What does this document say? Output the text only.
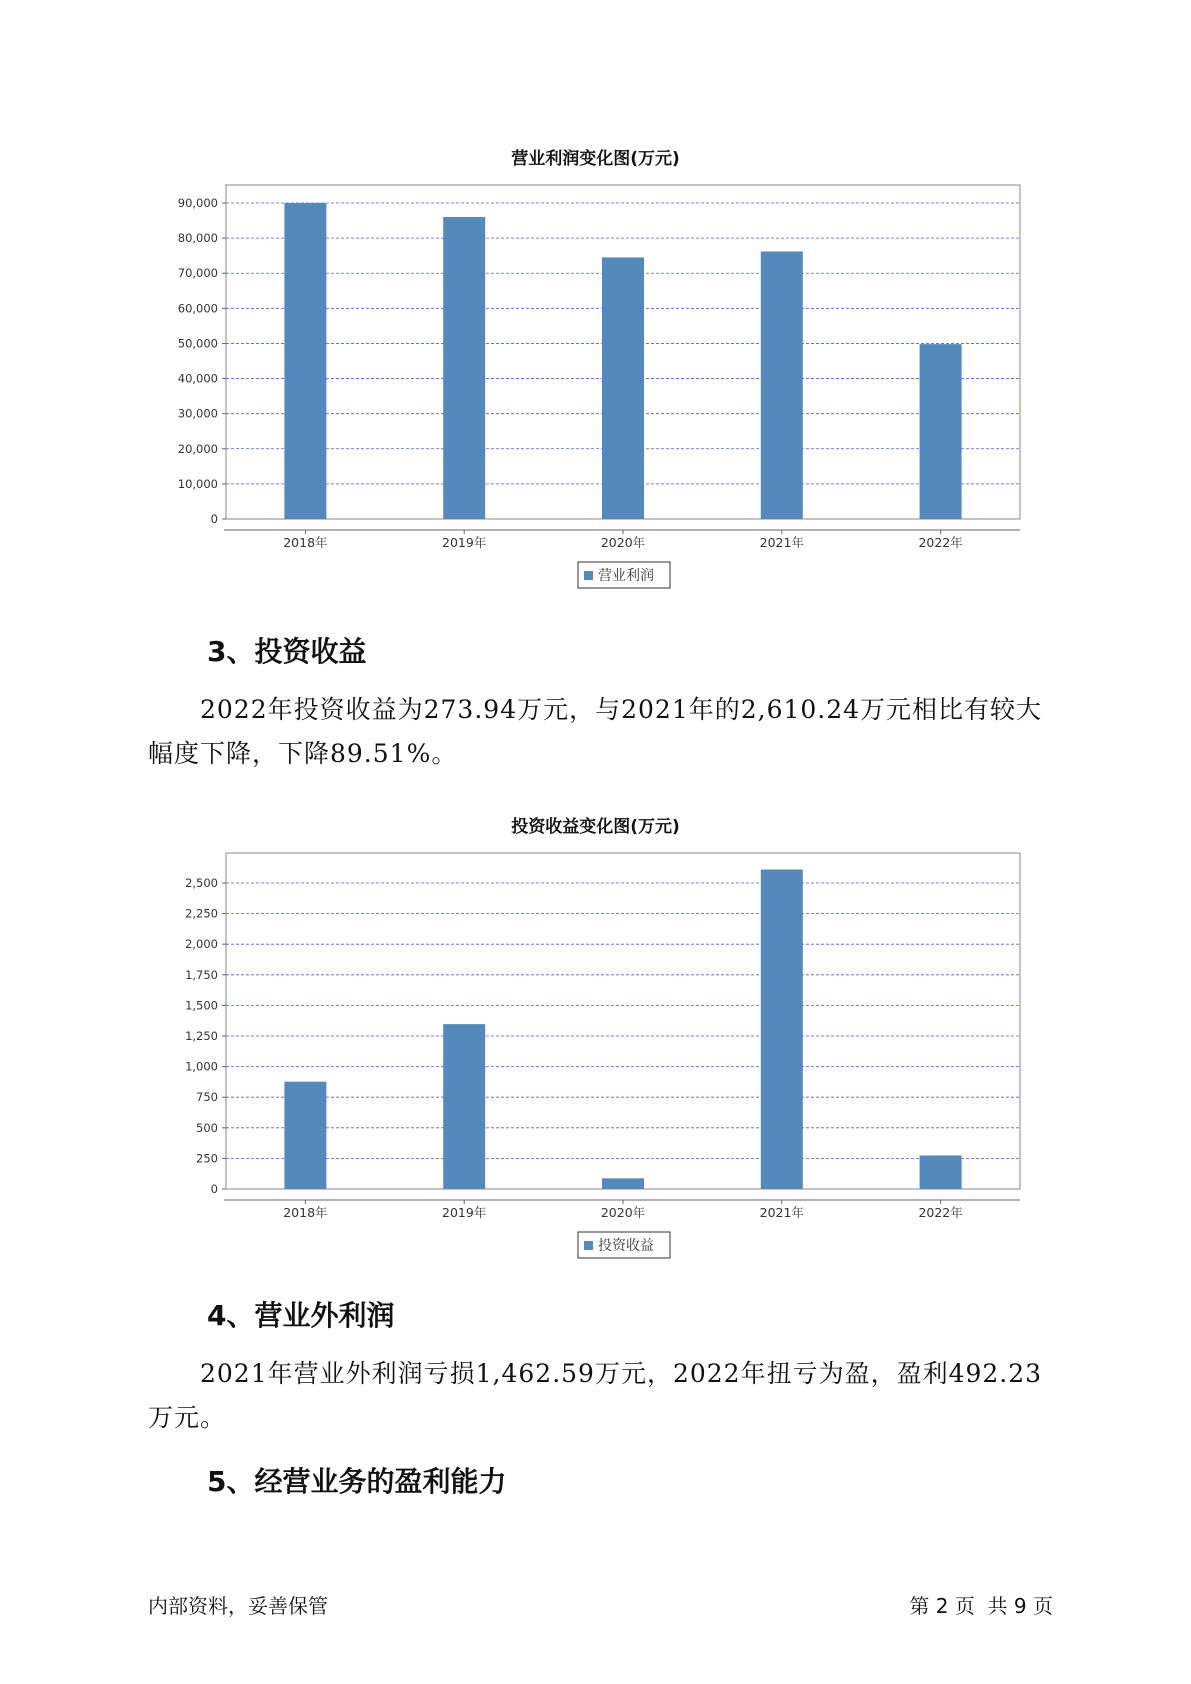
营业利润变化图(万元)
0
10,000
20,000
30,000
40,000
50,000
60,000
70,000
80,000
90,000
2018年	2019年	2020年	2021年	2022年
营业利润
3、投资收益
2022年投资收益为273.94万元，与2021年的2,610.24万元相比有较大幅度下降，下降89.51%。
投资收益变化图(万元)
0
250
500
750
1,000
1,250
1,500
1,750
2,000
2,250
2,500
2018年	2019年	2020年	2021年	2022年
投资收益
4、营业外利润
2021年营业外利润亏损1,462.59万元，2022年扭亏为盈，盈利492.23万元。
5、经营业务的盈利能力
内部资料，妥善保管	第 2 页  共 9 页
